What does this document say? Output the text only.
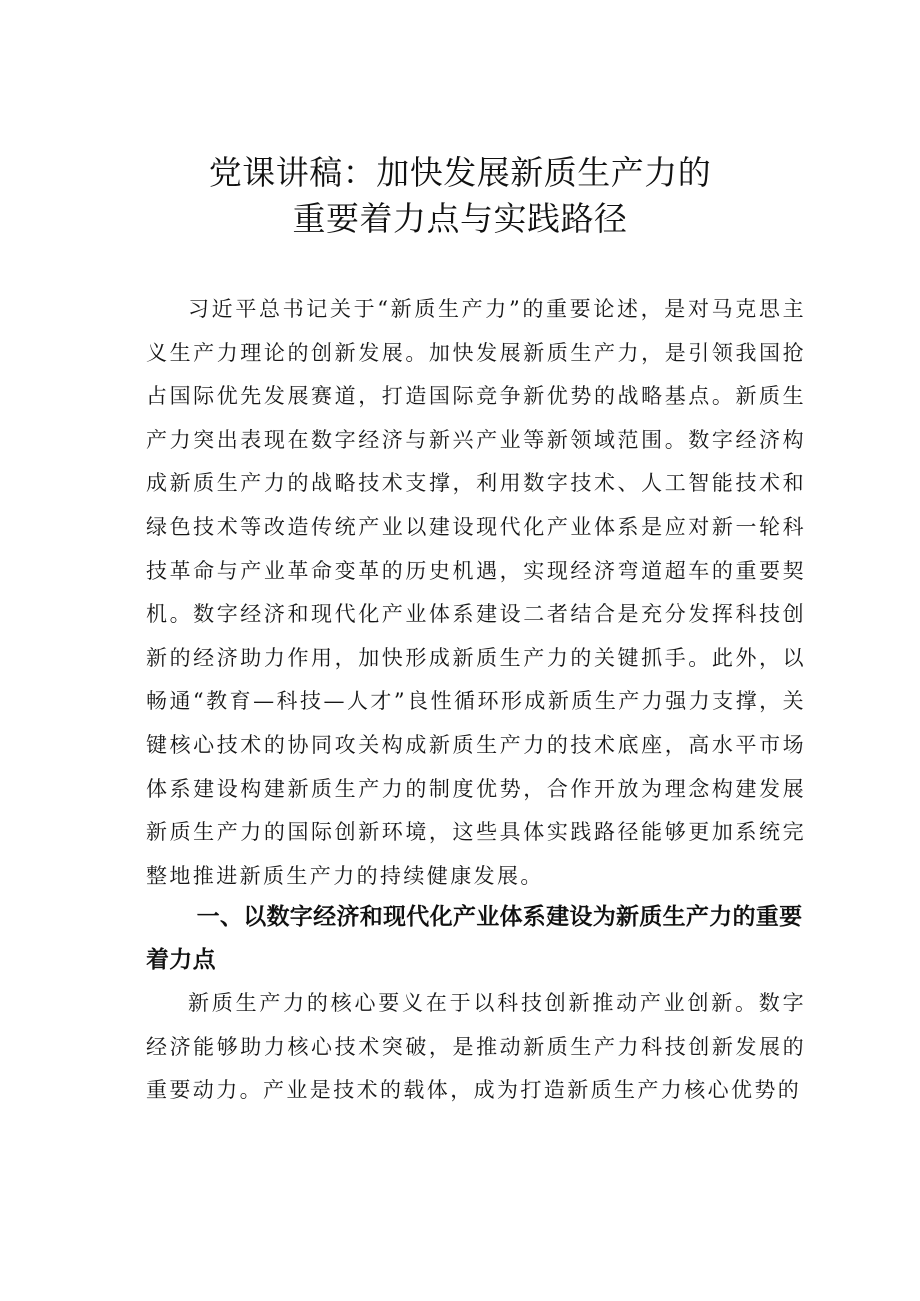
党课讲稿：加快发展新质生产力的
重要着力点与实践路径

习近平总书记关于“新质生产力”的重要论述，是对马克思主义生产力理论的创新发展。加快发展新质生产力，是引领我国抢占国际优先发展赛道，打造国际竞争新优势的战略基点。新质生产力突出表现在数字经济与新兴产业等新领域范围。数字经济构成新质生产力的战略技术支撑，利用数字技术、人工智能技术和绿色技术等改造传统产业以建设现代化产业体系是应对新一轮科技革命与产业革命变革的历史机遇，实现经济弯道超车的重要契机。数字经济和现代化产业体系建设二者结合是充分发挥科技创新的经济助力作用，加快形成新质生产力的关键抓手。此外，以畅通“教育—科技—人才”良性循环形成新质生产力强力支撑，关键核心技术的协同攻关构成新质生产力的技术底座，高水平市场体系建设构建新质生产力的制度优势，合作开放为理念构建发展新质生产力的国际创新环境，这些具体实践路径能够更加系统完整地推进新质生产力的持续健康发展。

一、以数字经济和现代化产业体系建设为新质生产力的重要着力点

新质生产力的核心要义在于以科技创新推动产业创新。数字经济能够助力核心技术突破，是推动新质生产力科技创新发展的重要动力。产业是技术的载体，成为打造新质生产力核心优势的
